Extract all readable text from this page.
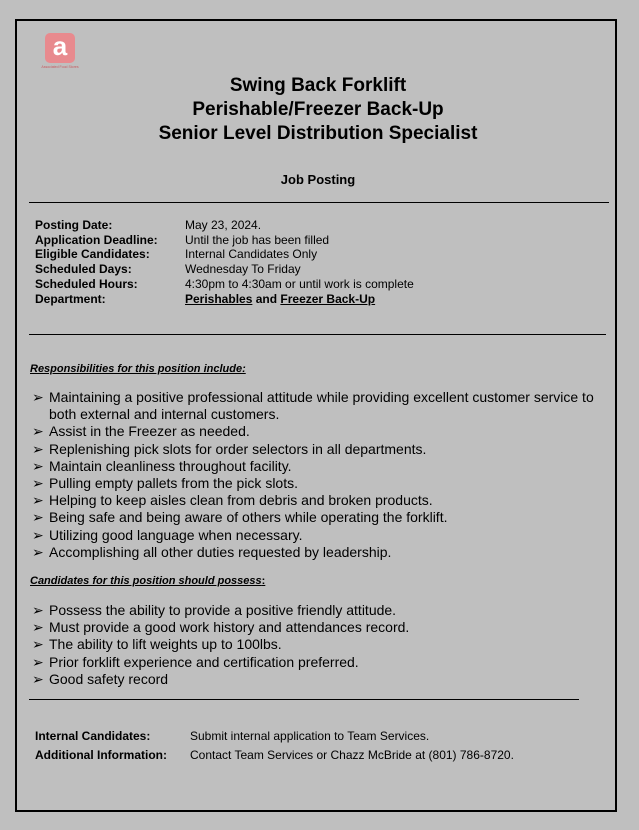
a
Associated Food Stores
Swing Back Forklift
Perishable/Freezer Back-Up
Senior Level Distribution Specialist
Job Posting
Posting Date:	May 23, 2024.
Application Deadline:	Until the job has been filled
Eligible Candidates:	Internal Candidates Only
Scheduled Days:	Wednesday To Friday
Scheduled Hours:	4:30pm to 4:30am or until work is complete
Department:	Perishables and Freezer Back-Up
Responsibilities for this position include:
➢ Maintaining a positive professional attitude while providing excellent customer service to both external and internal customers.
➢ Assist in the Freezer as needed.
➢ Replenishing pick slots for order selectors in all departments.
➢ Maintain cleanliness throughout facility.
➢ Pulling empty pallets from the pick slots.
➢ Helping to keep aisles clean from debris and broken products.
➢ Being safe and being aware of others while operating the forklift.
➢ Utilizing good language when necessary.
➢ Accomplishing all other duties requested by leadership.
Candidates for this position should possess:
➢ Possess the ability to provide a positive friendly attitude.
➢ Must provide a good work history and attendances record.
➢ The ability to lift weights up to 100lbs.
➢ Prior forklift experience and certification preferred.
➢ Good safety record
Internal Candidates:	Submit internal application to Team Services.
Additional Information:	Contact Team Services or Chazz McBride at (801) 786-8720.
